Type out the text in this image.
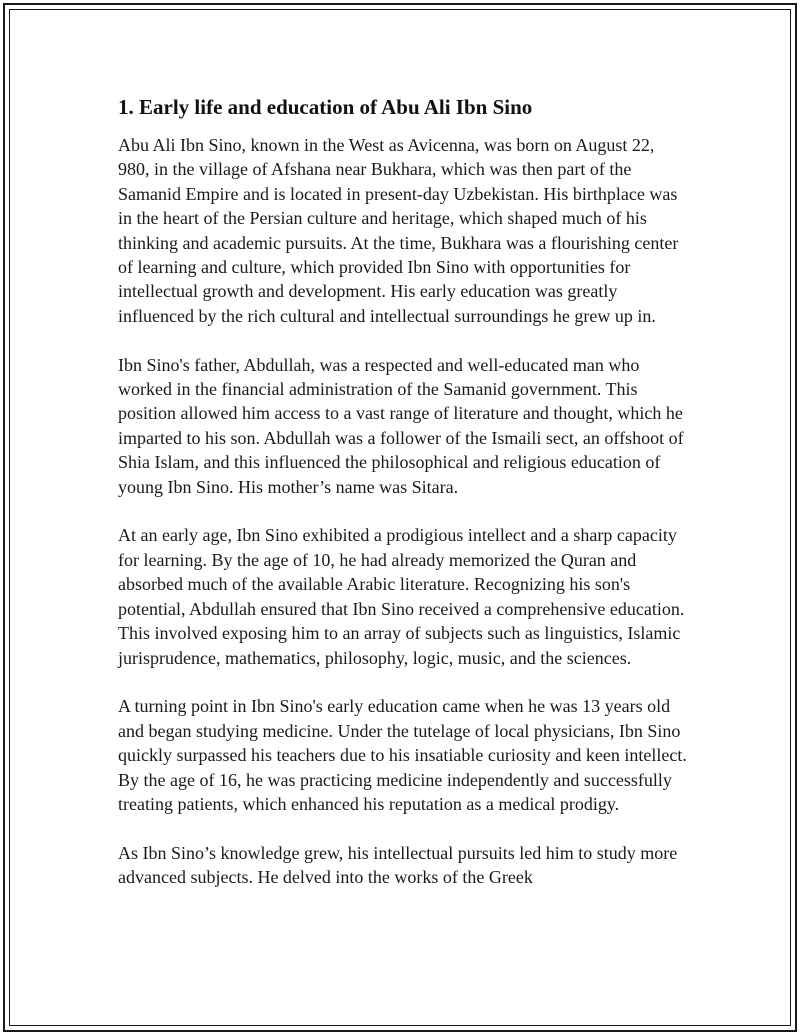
1. Early life and education of Abu Ali Ibn Sino

Abu Ali Ibn Sino, known in the West as Avicenna, was born on August 22, 980, in the village of Afshana near Bukhara, which was then part of the Samanid Empire and is located in present-day Uzbekistan. His birthplace was in the heart of the Persian culture and heritage, which shaped much of his thinking and academic pursuits. At the time, Bukhara was a flourishing center of learning and culture, which provided Ibn Sino with opportunities for intellectual growth and development. His early education was greatly influenced by the rich cultural and intellectual surroundings he grew up in.

Ibn Sino's father, Abdullah, was a respected and well-educated man who worked in the financial administration of the Samanid government. This position allowed him access to a vast range of literature and thought, which he imparted to his son. Abdullah was a follower of the Ismaili sect, an offshoot of Shia Islam, and this influenced the philosophical and religious education of young Ibn Sino. His mother’s name was Sitara.

At an early age, Ibn Sino exhibited a prodigious intellect and a sharp capacity for learning. By the age of 10, he had already memorized the Quran and absorbed much of the available Arabic literature. Recognizing his son's potential, Abdullah ensured that Ibn Sino received a comprehensive education. This involved exposing him to an array of subjects such as linguistics, Islamic jurisprudence, mathematics, philosophy, logic, music, and the sciences.

A turning point in Ibn Sino's early education came when he was 13 years old and began studying medicine. Under the tutelage of local physicians, Ibn Sino quickly surpassed his teachers due to his insatiable curiosity and keen intellect. By the age of 16, he was practicing medicine independently and successfully treating patients, which enhanced his reputation as a medical prodigy.

As Ibn Sino’s knowledge grew, his intellectual pursuits led him to study more advanced subjects. He delved into the works of the Greek
